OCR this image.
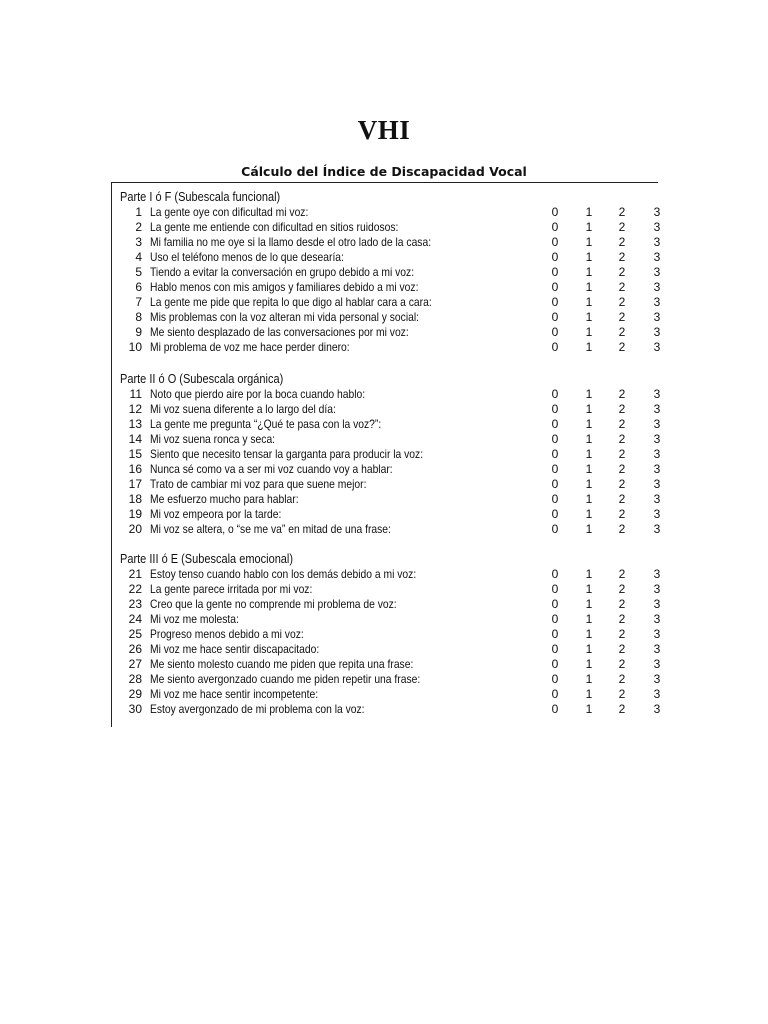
VHI
Cálculo del Índice de Discapacidad Vocal
Parte I ó F (Subescala funcional)
1 La gente oye con dificultad mi voz:	0	1	2	3
2 La gente me entiende con dificultad en sitios ruidosos:	0	1	2	3
3 Mi familia no me oye si la llamo desde el otro lado de la casa:	0	1	2	3
4 Uso el teléfono menos de lo que desearía:	0	1	2	3
5 Tiendo a evitar la conversación en grupo debido a mi voz:	0	1	2	3
6 Hablo menos con mis amigos y familiares debido a mi voz:	0	1	2	3
7 La gente me pide que repita lo que digo al hablar cara a cara:	0	1	2	3
8 Mis problemas con la voz alteran mi vida personal y social:	0	1	2	3
9 Me siento desplazado de las conversaciones por mi voz:	0	1	2	3
10 Mi problema de voz me hace perder dinero:	0	1	2	3
Parte II ó O (Subescala orgánica)
11 Noto que pierdo aire por la boca cuando hablo:	0	1	2	3
12 Mi voz suena diferente a lo largo del día:	0	1	2	3
13 La gente me pregunta “¿Qué te pasa con la voz?”:	0	1	2	3
14 Mi voz suena ronca y seca:	0	1	2	3
15 Siento que necesito tensar la garganta para producir la voz:	0	1	2	3
16 Nunca sé como va a ser mi voz cuando voy a hablar:	0	1	2	3
17 Trato de cambiar mi voz para que suene mejor:	0	1	2	3
18 Me esfuerzo mucho para hablar:	0	1	2	3
19 Mi voz empeora por la tarde:	0	1	2	3
20 Mi voz se altera, o “se me va” en mitad de una frase:	0	1	2	3
Parte III ó E (Subescala emocional)
21 Estoy tenso cuando hablo con los demás debido a mi voz:	0	1	2	3
22 La gente parece irritada por mi voz:	0	1	2	3
23 Creo que la gente no comprende mi problema de voz:	0	1	2	3
24 Mi voz me molesta:	0	1	2	3
25 Progreso menos debido a mi voz:	0	1	2	3
26 Mi voz me hace sentir discapacitado:	0	1	2	3
27 Me siento molesto cuando me piden que repita una frase:	0	1	2	3
28 Me siento avergonzado cuando me piden repetir una frase:	0	1	2	3
29 Mi voz me hace sentir incompetente:	0	1	2	3
30 Estoy avergonzado de mi problema con la voz:	0	1	2	3
